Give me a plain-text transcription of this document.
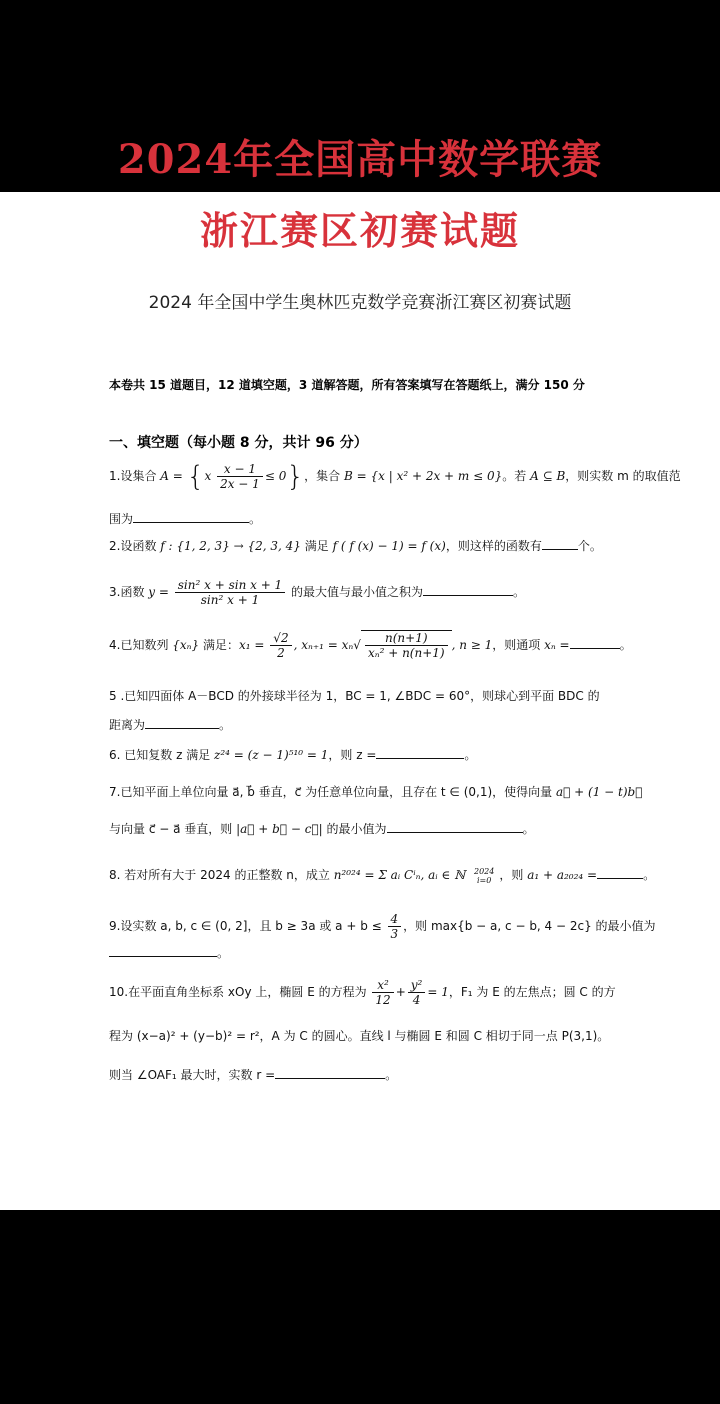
2024年全国高中数学联赛
浙江赛区初赛试题
2024 年全国中学生奥林匹克数学竞赛浙江赛区初赛试题
本卷共 15 道题目，12 道填空题，3 道解答题，所有答案填写在答题纸上，满分 150 分
一、填空题（每小题 8 分，共计 96 分）
1.设集合 $A = \{x \frac{x - 1}{2x - 1} \le 0\}$，集合 B = {x | x² + 2x + m ≤ 0}。若 A ⊆ B，则实数 m 的取值范
围为	。
2.设函数 f : {1, 2, 3} → {2, 3, 4} 满足 f ( f (x) − 1) = f (x)，则这样的函数有	个。
3.函数 $y = \frac{\text{sin² x + sin x + 1}}{\text{sin² x + 1}}$ 的最大值与最小值之积为	。
4.已知数列 {xₙ} 满足：$x_1 = \frac{√2}{2}$ , $x_{n+1} = x_n√ \frac{n(n+1)}{\text{xₙ² + n(n+1)}}$ , n ≥ 1，则通项 xₙ =	。
5 .已知四面体 A－BCD 的外接球半径为 1，BC = 1, ∠BDC = 60°，则球心到平面 BDC 的
距离为	。
6. 已知复数 z 满足 z²⁴ = (z − 1)⁵¹⁰ = 1，则 z =	。
7.已知平面上单位向量 a⃗, b⃗ 垂直，c⃗ 为任意单位向量，且存在 t ∈ (0,1)，使得向量 a⃗ + (1 − t)b⃗
与向量 c⃗ − a⃗ 垂直，则 |a⃗ + b⃗ − c⃗| 的最小值为	。
8. 若对所有大于 2024 的正整数 n，成立 n²⁰²⁴ = Σ aᵢ Cⁱₙ, aᵢ ∈ ℕ	2024
i=0 ，则 a₁ + a₂₀₂₄ =	。
9.设实数 a, b, c ∈ (0, 2]，且 b ≥ 3a 或 $a + b \le \frac{4}{3}$ ，则 max{b − a, c − b, 4 − 2c} 的最小值为
。
10.在平面直角坐标系 xOy 上，椭圆 E 的方程为 $\frac{\text{x²}}{12} + \frac{\text{y²}}{4} = 1$，F₁ 为 E 的左焦点；圆 C 的方
程为 (x−a)² + (y−b)² = r²，A 为 C 的圆心。直线 l 与椭圆 E 和圆 C 相切于同一点 P(3,1)。
则当 ∠OAF₁ 最大时，实数 r =	。
